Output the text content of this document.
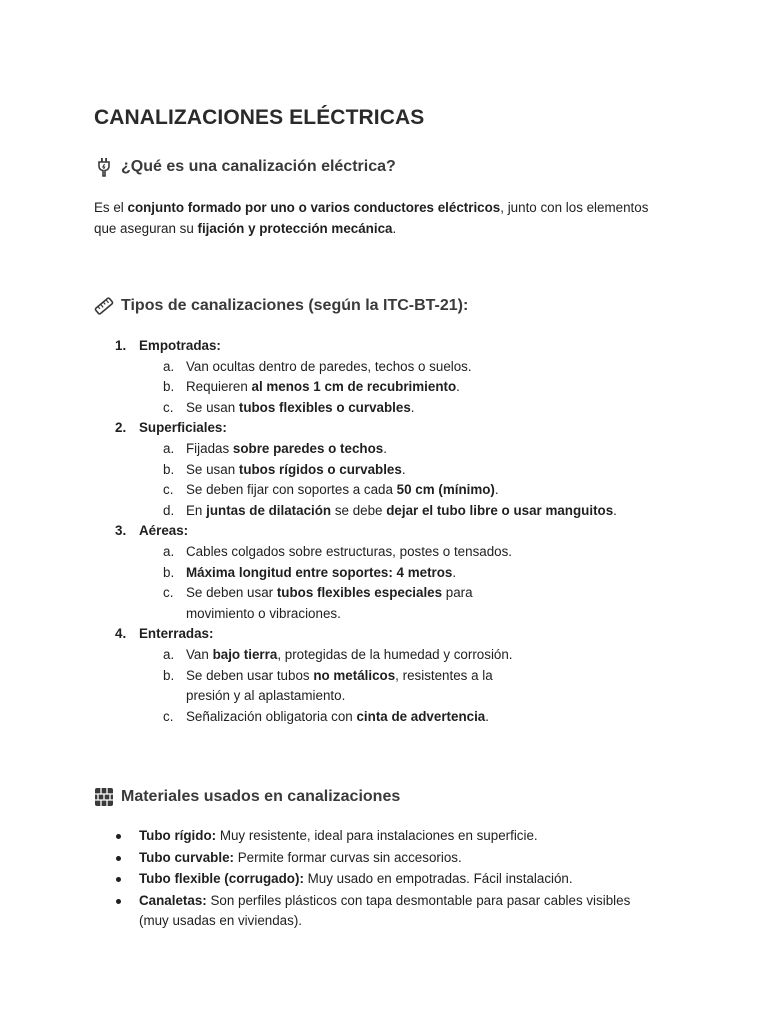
CANALIZACIONES ELÉCTRICAS
¿Qué es una canalización eléctrica?

Es el conjunto formado por uno o varios conductores eléctricos, junto con los elementos que aseguran su fijación y protección mecánica.

Tipos de canalizaciones (según la ITC-BT-21):
1. Empotradas:
a. Van ocultas dentro de paredes, techos o suelos.
b. Requieren al menos 1 cm de recubrimiento.
c. Se usan tubos flexibles o curvables.
2. Superficiales:
a. Fijadas sobre paredes o techos.
b. Se usan tubos rígidos o curvables.
c. Se deben fijar con soportes a cada 50 cm (mínimo).
d. En juntas de dilatación se debe dejar el tubo libre o usar manguitos.
3. Aéreas:
a. Cables colgados sobre estructuras, postes o tensados.
b. Máxima longitud entre soportes: 4 metros.
c. Se deben usar tubos flexibles especiales para movimiento o vibraciones.
4. Enterradas:
a. Van bajo tierra, protegidas de la humedad y corrosión.
b. Se deben usar tubos no metálicos, resistentes a la presión y al aplastamiento.
c. Señalización obligatoria con cinta de advertencia.
Materiales usados en canalizaciones
Tubo rígido: Muy resistente, ideal para instalaciones en superficie.
Tubo curvable: Permite formar curvas sin accesorios.
Tubo flexible (corrugado): Muy usado en empotradas. Fácil instalación.
Canaletas: Son perfiles plásticos con tapa desmontable para pasar cables visibles (muy usadas en viviendas).
